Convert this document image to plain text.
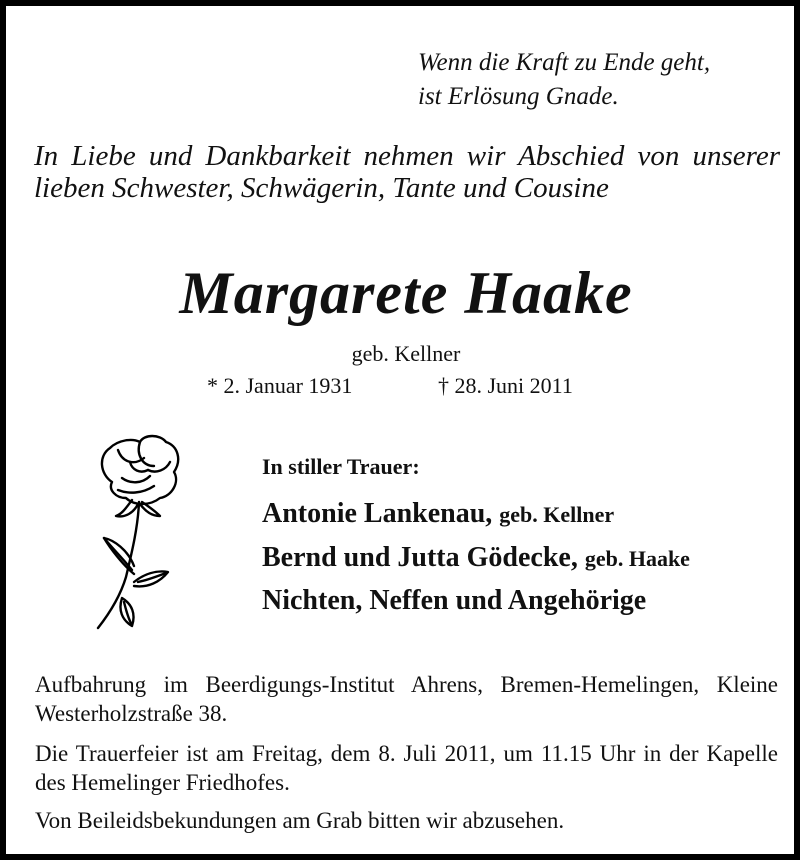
Wenn die Kraft zu Ende geht,
ist Erlösung Gnade.
In Liebe und Dankbarkeit nehmen wir Abschied von unserer lieben Schwester, Schwägerin, Tante und Cousine
Margarete Haake
geb. Kellner
* 2. Januar 1931	† 28. Juni 2011
In stiller Trauer:
Antonie Lankenau, geb. Kellner
Bernd und Jutta Gödecke, geb. Haake
Nichten, Neffen und Angehörige
Aufbahrung im Beerdigungs-Institut Ahrens, Bremen-Hemelingen, Kleine Westerholzstraße 38.
Die Trauerfeier ist am Freitag, dem 8. Juli 2011, um 11.15 Uhr in der Kapelle des Hemelinger Friedhofes.
Von Beileidsbekundungen am Grab bitten wir abzusehen.
